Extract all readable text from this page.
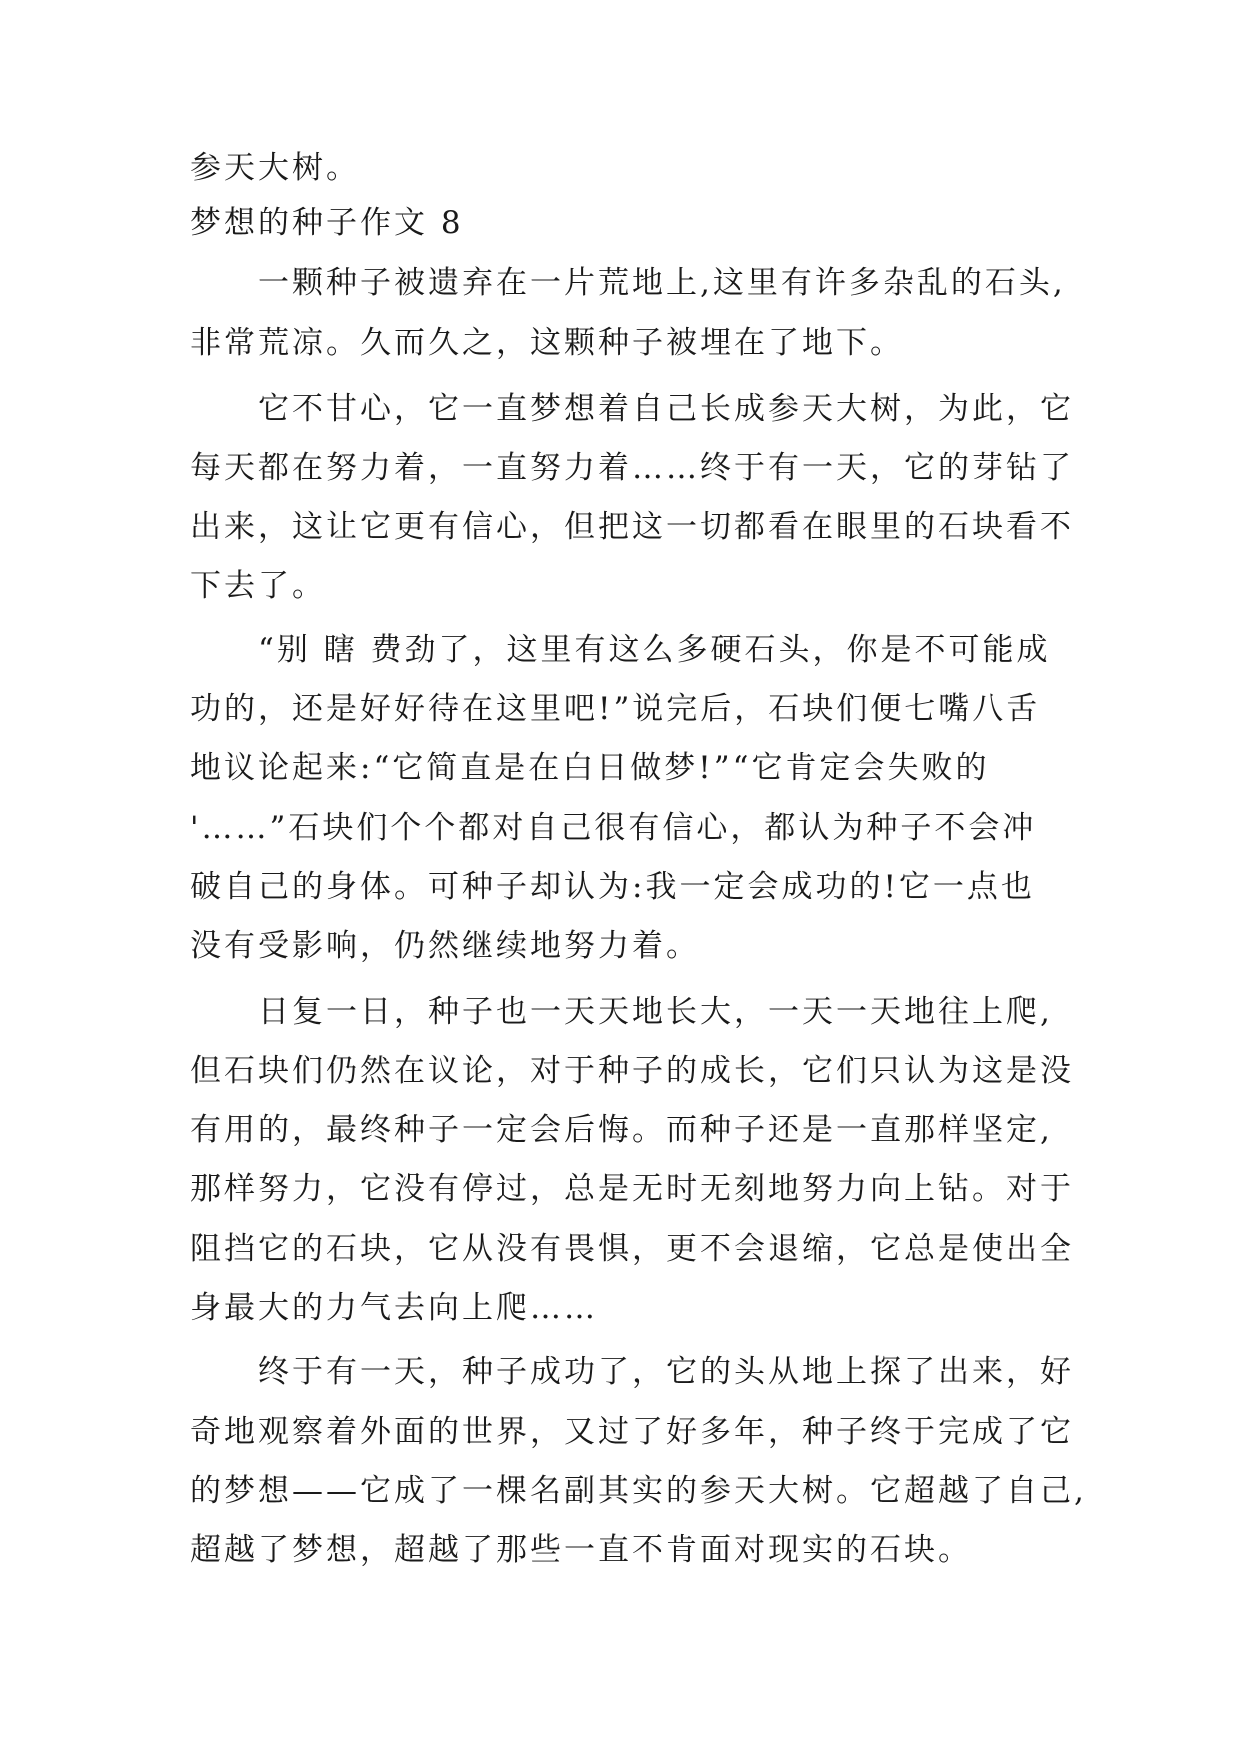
参天大树。
梦想的种子作文 8
一颗种子被遗弃在一片荒地上,这里有许多杂乱的石头,
非常荒凉。久而久之，这颗种子被埋在了地下。
它不甘心，它一直梦想着自己长成参天大树，为此，它
每天都在努力着，一直努力着……终于有一天，它的芽钻了
出来，这让它更有信心，但把这一切都看在眼里的石块看不
下去了。
“别 瞎 费劲了，这里有这么多硬石头，你是不可能成
功的，还是好好待在这里吧!”说完后，石块们便七嘴八舌
地议论起来:“它简直是在白日做梦!”“它肯定会失败的
'……”石块们个个都对自己很有信心，都认为种子不会冲
破自己的身体。可种子却认为:我一定会成功的!它一点也
没有受影响，仍然继续地努力着。
日复一日，种子也一天天地长大，一天一天地往上爬,
但石块们仍然在议论，对于种子的成长，它们只认为这是没
有用的，最终种子一定会后悔。而种子还是一直那样坚定,
那样努力，它没有停过，总是无时无刻地努力向上钻。对于
阻挡它的石块，它从没有畏惧，更不会退缩，它总是使出全
身最大的力气去向上爬……
终于有一天，种子成功了，它的头从地上探了出来，好
奇地观察着外面的世界，又过了好多年，种子终于完成了它
的梦想——它成了一棵名副其实的参天大树。它超越了自己,
超越了梦想，超越了那些一直不肯面对现实的石块。
